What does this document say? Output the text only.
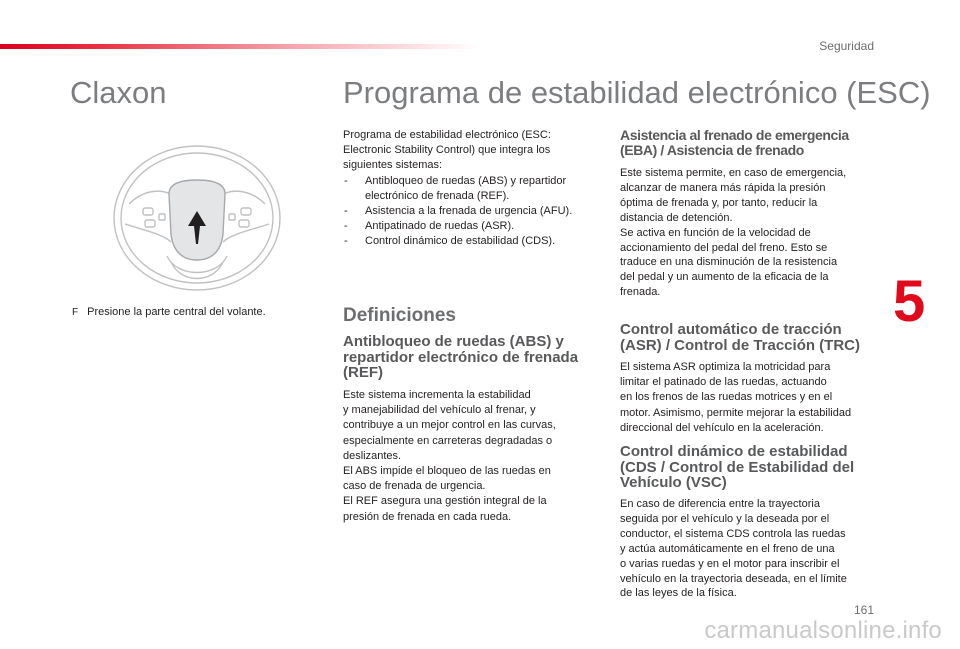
Seguridad
Claxon
F Presione la parte central del volante.
Programa de estabilidad electrónico (ESC)
Programa de estabilidad electrónico (ESC:
Electronic Stability Control) que integra los
siguientes sistemas:
- Antibloqueo de ruedas (ABS) y repartidor
electrónico de frenada (REF).
- Asistencia a la frenada de urgencia (AFU).
- Antipatinado de ruedas (ASR).
- Control dinámico de estabilidad (CDS).
Definiciones
Antibloqueo de ruedas (ABS) y
repartidor electrónico de frenada
(REF)
Este sistema incrementa la estabilidad
y manejabilidad del vehículo al frenar, y
contribuye a un mejor control en las curvas,
especialmente en carreteras degradadas o
deslizantes.
El ABS impide el bloqueo de las ruedas en
caso de frenada de urgencia.
El REF asegura una gestión integral de la
presión de frenada en cada rueda.
Asistencia al frenado de emergencia
(EBA) / Asistencia de frenado
Este sistema permite, en caso de emergencia,
alcanzar de manera más rápida la presión
óptima de frenada y, por tanto, reducir la
distancia de detención.
Se activa en función de la velocidad de
accionamiento del pedal del freno. Esto se
traduce en una disminución de la resistencia
del pedal y un aumento de la eficacia de la
frenada.
Control automático de tracción
(ASR) / Control de Tracción (TRC)
El sistema ASR optimiza la motricidad para
limitar el patinado de las ruedas, actuando
en los frenos de las ruedas motrices y en el
motor. Asimismo, permite mejorar la estabilidad
direccional del vehículo en la aceleración.
Control dinámico de estabilidad
(CDS / Control de Estabilidad del
Vehículo (VSC)
En caso de diferencia entre la trayectoria
seguida por el vehículo y la deseada por el
conductor, el sistema CDS controla las ruedas
y actúa automáticamente en el freno de una
o varias ruedas y en el motor para inscribir el
vehículo en la trayectoria deseada, en el límite
de las leyes de la física.
5
161
carmanualsonline.info
